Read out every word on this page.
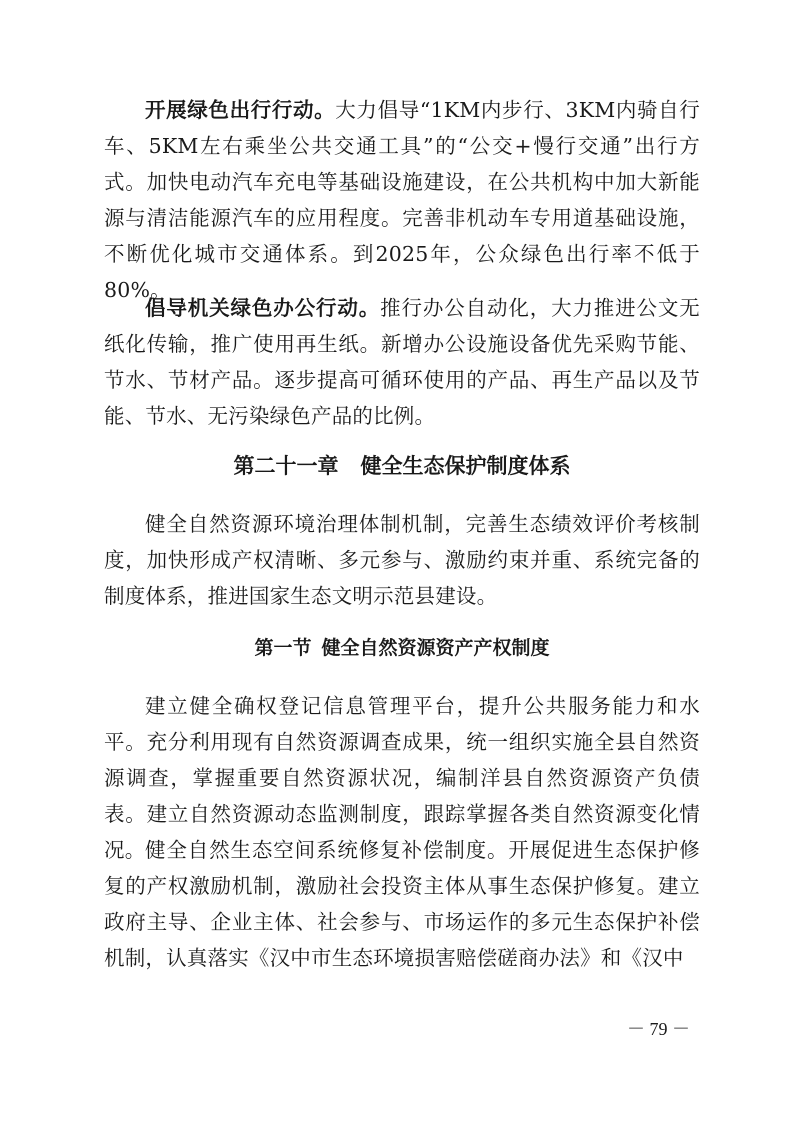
开展绿色出行行动。大力倡导“1KM内步行、3KM内骑自行车、5KM左右乘坐公共交通工具”的“公交+慢行交通”出行方式。加快电动汽车充电等基础设施建设，在公共机构中加大新能源与清洁能源汽车的应用程度。完善非机动车专用道基础设施，不断优化城市交通体系。到2025年，公众绿色出行率不低于80%。

倡导机关绿色办公行动。推行办公自动化，大力推进公文无纸化传输，推广使用再生纸。新增办公设施设备优先采购节能、节水、节材产品。逐步提高可循环使用的产品、再生产品以及节能、节水、无污染绿色产品的比例。

第二十一章 健全生态保护制度体系

健全自然资源环境治理体制机制，完善生态绩效评价考核制度，加快形成产权清晰、多元参与、激励约束并重、系统完备的制度体系，推进国家生态文明示范县建设。

第一节 健全自然资源资产产权制度

建立健全确权登记信息管理平台，提升公共服务能力和水平。充分利用现有自然资源调查成果，统一组织实施全县自然资源调查，掌握重要自然资源状况，编制洋县自然资源资产负债表。建立自然资源动态监测制度，跟踪掌握各类自然资源变化情况。 健全自然生态空间系统修复补偿制度。开展促进生态保护修复的产权激励机制，激励社会投资主体从事生态保护修复。建立政府主导、企业主体、社会参与、市场运作的多元生态保护补偿机制，认真落实《汉中市生态环境损害赔偿磋商办法》和《汉中

－ 79 －
